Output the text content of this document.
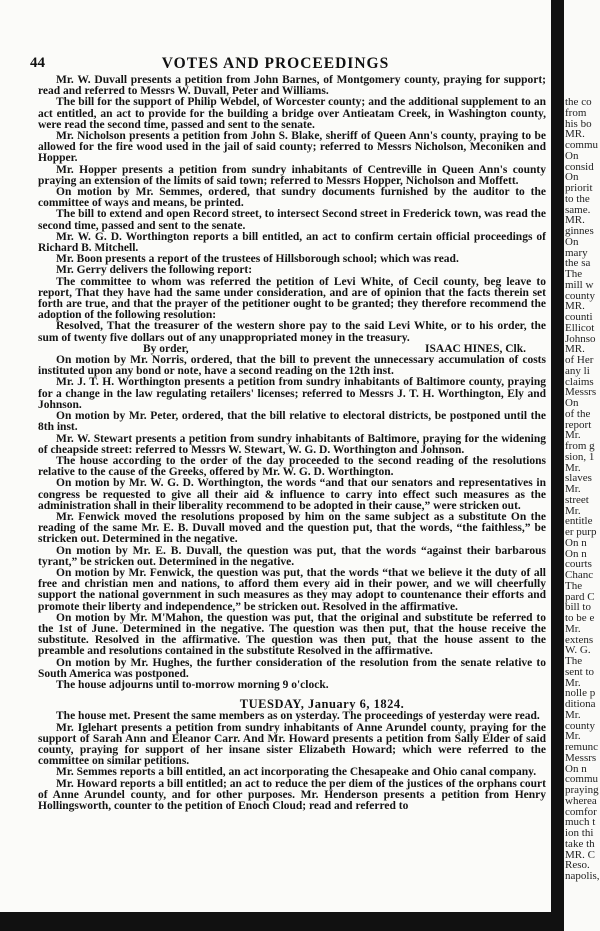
44	VOTES AND PROCEEDINGS

Mr. W. Duvall presents a petition from John Barnes, of Montgomery county, praying for support; read and referred to Messrs W. Duvall, Peter and Williams.

The bill for the support of Philip Webdel, of Worcester county; and the additional supplement to an act entitled, an act to provide for the building a bridge over Antieatam Creek, in Washington county, were read the second time, passed and sent to the senate.

Mr. Nicholson presents a petition from John S. Blake, sheriff of Queen Ann's county, praying to be allowed for the fire wood used in the jail of said county; referred to Messrs Nicholson, Meconiken and Hopper.

Mr. Hopper presents a petition from sundry inhabitants of Centreville in Queen Ann's county praying an extension of the limits of said town; referred to Messrs Hopper, Nicholson and Moffett.

On motion by Mr. Semmes, ordered, that sundry documents furnished by the auditor to the committee of ways and means, be printed.

The bill to extend and open Record street, to intersect Second street in Frederick town, was read the second time, passed and sent to the senate.

Mr. W. G. D. Worthington reports a bill entitled, an act to confirm certain official proceedings of Richard B. Mitchell.

Mr. Boon presents a report of the trustees of Hillsborough school; which was read.

Mr. Gerry delivers the following report:

The committee to whom was referred the petition of Levi White, of Cecil county, beg leave to report, That they have had the same under consideration, and are of opinion that the facts therein set forth are true, and that the prayer of the petitioner ought to be granted; they therefore recommend the adoption of the following resolution:

Resolved, That the treasurer of the western shore pay to the said Levi White, or to his order, the sum of twenty five dollars out of any unappropriated money in the treasury.

By order,	ISAAC HINES, Clk.

On motion by Mr. Norris, ordered, that the bill to prevent the unnecessary accumulation of costs instituted upon any bond or note, have a second reading on the 12th inst.

Mr. J. T. H. Worthington presents a petition from sundry inhabitants of Baltimore county, praying for a change in the law regulating retailers' licenses; referred to Messrs J. T. H. Worthington, Ely and Johnson.

On motion by Mr. Peter, ordered, that the bill relative to electoral districts, be postponed until the 8th inst.

Mr. W. Stewart presents a petition from sundry inhabitants of Baltimore, praying for the widening of cheapside street: referred to Messrs W. Stewart, W. G. D. Worthington and Johnson.

The house according to the order of the day proceeded to the second reading of the resolutions relative to the cause of the Greeks, offered by Mr. W. G. D. Worthington.

On motion by Mr. W. G. D. Worthington, the words “and that our senators and representatives in congress be requested to give all their aid & influence to carry into effect such measures as the administration shall in their liberality recommend to be adopted in their cause,” were stricken out.

Mr. Fenwick moved the resolutions proposed by him on the same subject as a substitute On the reading of the same Mr. E. B. Duvall moved and the question put, that the words, “the faithless,” be stricken out. Determined in the negative.

On motion by Mr. E. B. Duvall, the question was put, that the words “against their barbarous tyrant,” be stricken out. Determined in the negative.

On motion by Mr. Fenwick, the question was put, that the words “that we believe it the duty of all free and christian men and nations, to afford them every aid in their power, and we will cheerfully support the national government in such measures as they may adopt to countenance their efforts and promote their liberty and independence,” be stricken out. Resolved in the affirmative.

On motion by Mr. M'Mahon, the question was put, that the original and substitute be referred to the 1st of June. Determined in the negative. The question was then put, that the house receive the substitute. Resolved in the affirmative. The question was then put, that the house assent to the preamble and resolutions contained in the substitute Resolved in the affirmative.

On motion by Mr. Hughes, the further consideration of the resolution from the senate relative to South America was postponed.

The house adjourns until to-morrow morning 9 o'clock.

TUESDAY, January 6, 1824.

The house met. Present the same members as on ysterday. The proceedings of yesterday were read.

Mr. Iglehart presents a petition from sundry inhabitants of Anne Arundel county, praying for the support of Sarah Ann and Eleanor Carr. And Mr. Howard presents a petition from Sally Elder of said county, praying for support of her insane sister Elizabeth Howard; which were referred to the committee on similar petitions.

Mr. Semmes reports a bill entitled, an act incorporating the Chesapeake and Ohio canal company.

Mr. Howard reports a bill entitled; an act to reduce the per diem of the justices of the orphans court of Anne Arundel county, and for other purposes. Mr. Henderson presents a petition from Henry Hollingsworth, counter to the petition of Enoch Cloud; read and referred to

the co
from
his bo
MR.
commu
On
consid
On
priorit
to the
same.
MR.
ginnes
On
mary
the sa
The
mill w
county
MR.
counti
Ellicot
Johnso
MR.
of Her
any li
claims
Messrs
On
of the
report
Mr.
from g
sion, 1
Mr.
slaves
Mr.
street
Mr.
entitle
er purp
On n
On n
courts
Chanc
The
pard C
bill to
to be e
Mr.
extens
W. G.
The
sent to
Mr.
nolle p
ditiona
Mr.
county
Mr.
remunc
Messrs
On n
commu
praying
wherea
comfor
much t
ion thi
take th
MR. C
Reso.
napolis,
